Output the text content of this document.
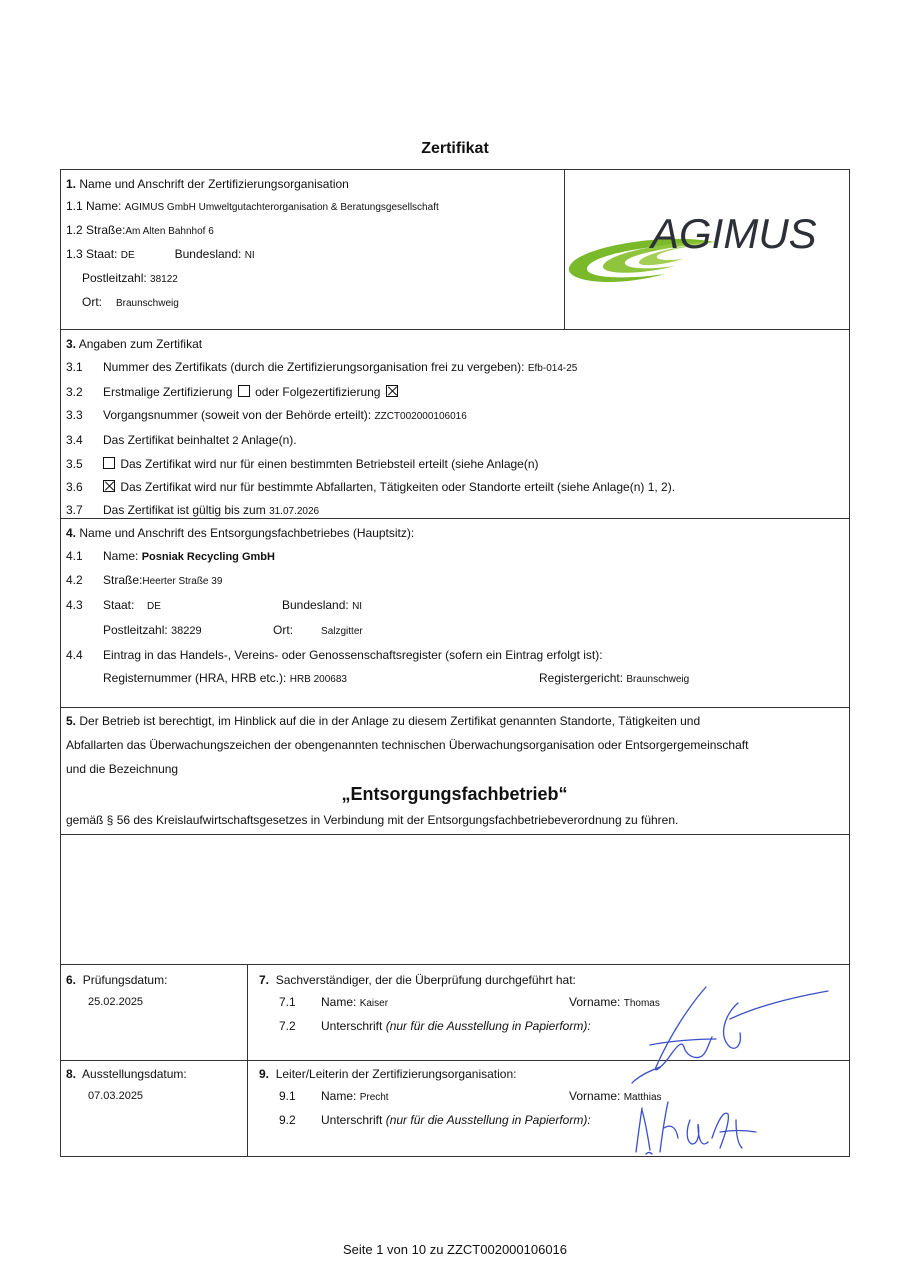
Zertifikat
1. Name und Anschrift der Zertifizierungsorganisation
1.1 Name: AGIMUS GmbH Umweltgutachterorganisation & Beratungsgesellschaft
1.2 Straße:Am Alten Bahnhof 6
1.3 Staat: DE	Bundesland: NI
Postleitzahl: 38122
Ort: Braunschweig
AGIMUS
3. Angaben zum Zertifikat
3.1 Nummer des Zertifikats (durch die Zertifizierungsorganisation frei zu vergeben): Efb-014-25
3.2 Erstmalige Zertifizierung oder Folgezertifizierung
3.3 Vorgangsnummer (soweit von der Behörde erteilt): ZZCT002000106016
3.4 Das Zertifikat beinhaltet 2 Anlage(n).
3.5	Das Zertifikat wird nur für einen bestimmten Betriebsteil erteilt (siehe Anlage(n)
3.6	Das Zertifikat wird nur für bestimmte Abfallarten, Tätigkeiten oder Standorte erteilt (siehe Anlage(n) 1, 2).
3.7 Das Zertifikat ist gültig bis zum 31.07.2026
4. Name und Anschrift des Entsorgungsfachbetriebes (Hauptsitz):
4.1 Name: Posniak Recycling GmbH
4.2 Straße:Heerter Straße 39
4.3 Staat: DE	Bundesland: NI
Postleitzahl: 38229	Ort:	Salzgitter
4.4 Eintrag in das Handels-, Vereins- oder Genossenschaftsregister (sofern ein Eintrag erfolgt ist):
Registernummer (HRA, HRB etc.): HRB 200683	Registergericht: Braunschweig
5. Der Betrieb ist berechtigt, im Hinblick auf die in der Anlage zu diesem Zertifikat genannten Standorte, Tätigkeiten und
Abfallarten das Überwachungszeichen der obengenannten technischen Überwachungsorganisation oder Entsorgergemeinschaft
und die Bezeichnung
„Entsorgungsfachbetrieb“
gemäß § 56 des Kreislaufwirtschaftsgesetzes in Verbindung mit der Entsorgungsfachbetriebeverordnung zu führen.
6. Prüfungsdatum:
25.02.2025
7. Sachverständiger, der die Überprüfung durchgeführt hat:
7.1 Name: Kaiser	Vorname: Thomas
7.2 Unterschrift (nur für die Ausstellung in Papierform):
8. Ausstellungsdatum:
07.03.2025
9. Leiter/Leiterin der Zertifizierungsorganisation:
9.1 Name: Precht	Vorname: Matthias
9.2 Unterschrift (nur für die Ausstellung in Papierform):
Seite 1 von 10 zu ZZCT002000106016
